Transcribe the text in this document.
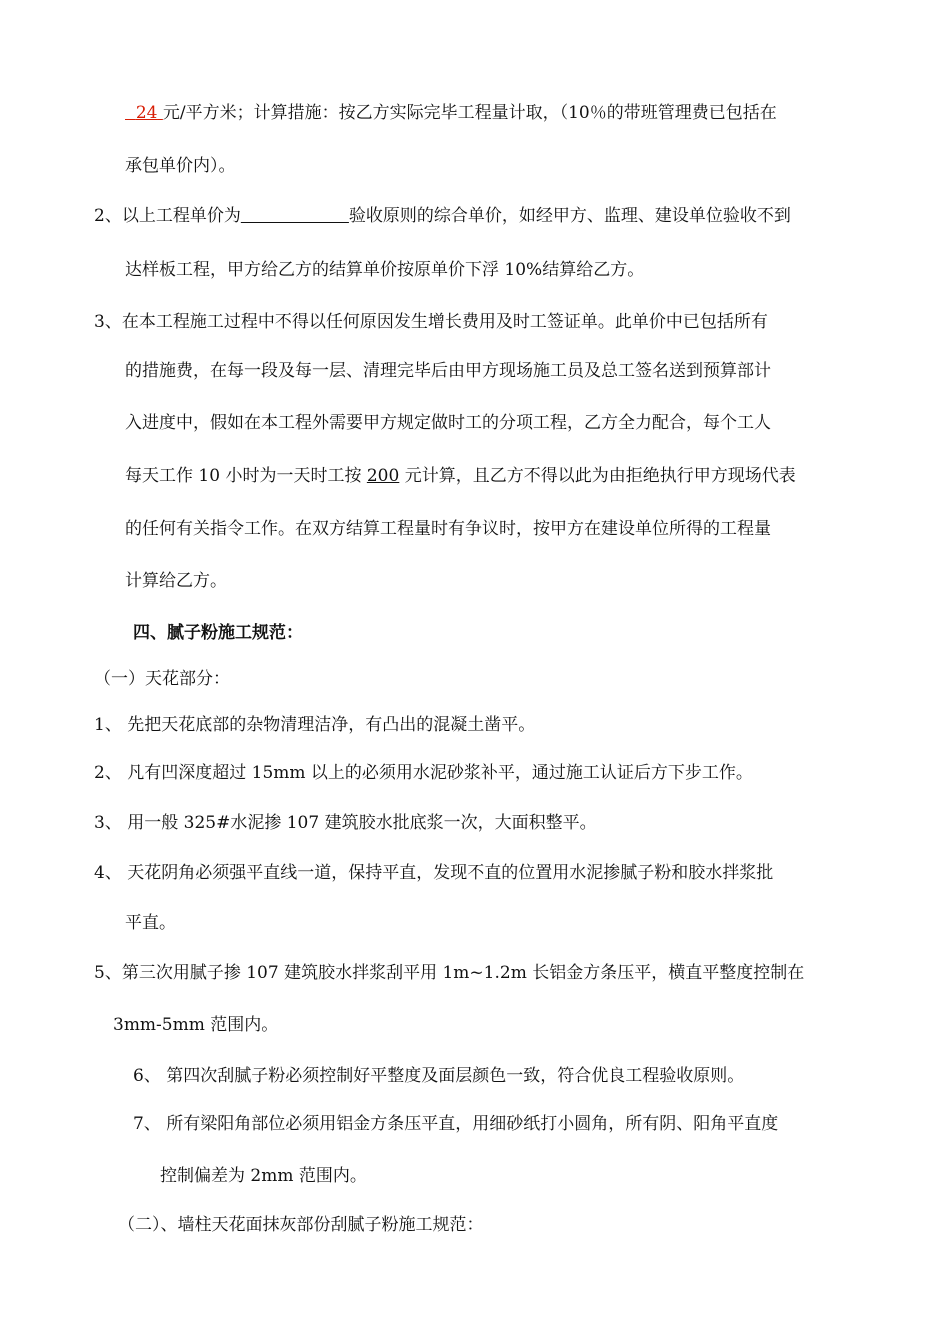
24 元/平方米；计算措施：按乙方实际完毕工程量计取，（10％的带班管理费已包括在
承包单价内）。
2、以上工程单价为	验收原则的综合单价，如经甲方、监理、建设单位验收不到
达样板工程，甲方给乙方的结算单价按原单价下浮 10%结算给乙方。
3、在本工程施工过程中不得以任何原因发生增长费用及时工签证单。此单价中已包括所有
的措施费，在每一段及每一层、清理完毕后由甲方现场施工员及总工签名送到预算部计
入进度中，假如在本工程外需要甲方规定做时工的分项工程，乙方全力配合，每个工人
每天工作 10 小时为一天时工按 200 元计算，且乙方不得以此为由拒绝执行甲方现场代表
的任何有关指令工作。在双方结算工程量时有争议时，按甲方在建设单位所得的工程量
计算给乙方。
四、腻子粉施工规范：
（一）天花部分：
1、 先把天花底部的杂物清理洁净，有凸出的混凝土凿平。
2、 凡有凹深度超过 15mm 以上的必须用水泥砂浆补平，通过施工认证后方下步工作。
3、 用一般 325#水泥掺 107 建筑胶水批底浆一次，大面积整平。
4、 天花阴角必须强平直线一道，保持平直，发现不直的位置用水泥掺腻子粉和胶水拌浆批
平直。
5、第三次用腻子掺 107 建筑胶水拌浆刮平用 1m~1.2m 长铝金方条压平，横直平整度控制在
3mm-5mm 范围内。
6、 第四次刮腻子粉必须控制好平整度及面层颜色一致，符合优良工程验收原则。
7、 所有梁阳角部位必须用铝金方条压平直，用细砂纸打小圆角，所有阴、阳角平直度
控制偏差为 2mm 范围内。
（二）、墙柱天花面抹灰部份刮腻子粉施工规范：
